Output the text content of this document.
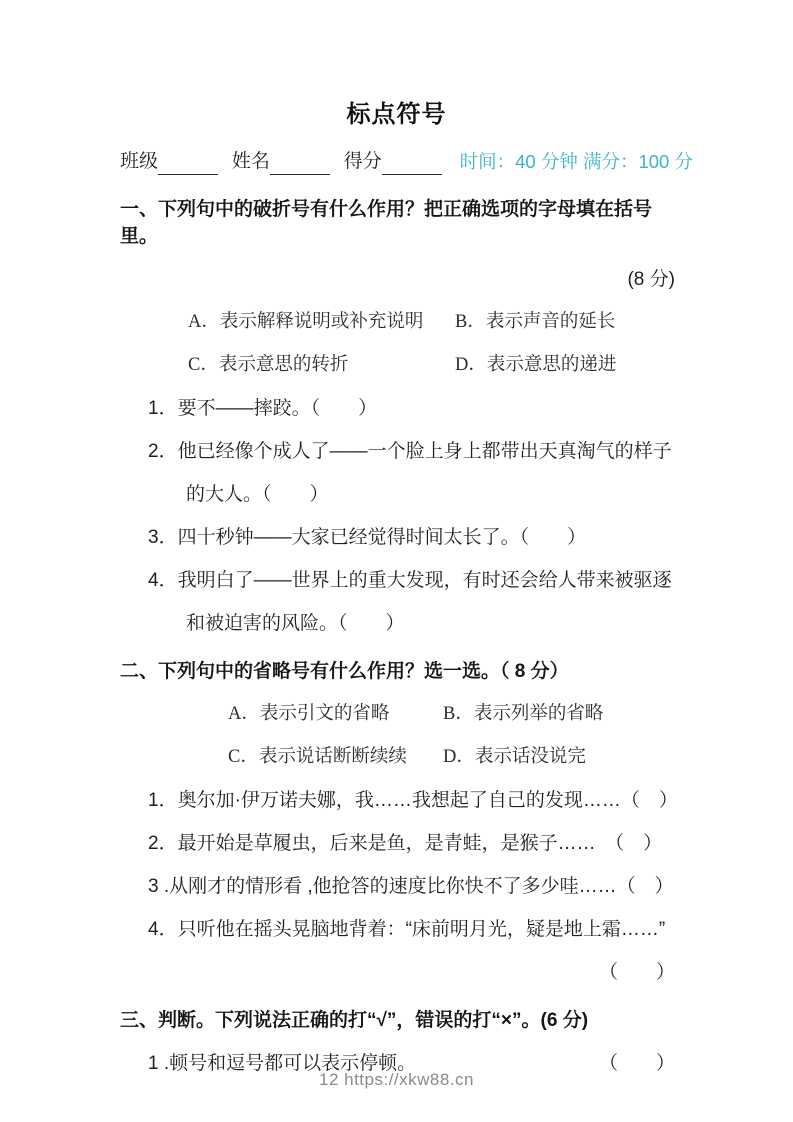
标点符号
班级	姓名	得分	时间：40 分钟 满分：100 分
一、下列句中的破折号有什么作用？把正确选项的字母填在括号里。
(8 分)
A．表示解释说明或补充说明	B．表示声音的延长
C．表示意思的转折	D．表示意思的递进
1．要不——摔跤。（　　）
2．他已经像个成人了——一个脸上身上都带出天真淘气的样子
的大人。（　　）
3．四十秒钟——大家已经觉得时间太长了。（　　）
4．我明白了——世界上的重大发现，有时还会给人带来被驱逐
和被迫害的风险。（　　）
二、下列句中的省略号有什么作用？选一选。（ 8 分）
A．表示引文的省略	B．表示列举的省略
C．表示说话断断续续	D．表示话没说完
1．奥尔加·伊万诺夫娜，我……我想起了自己的发现……（　）
2．最开始是草履虫，后来是鱼，是青蛙，是猴子……　（　）
3 .从刚才的情形看 ,他抢答的速度比你快不了多少哇……（　）
4．只听他在摇头晃脑地背着：“床前明月光，疑是地上霜……”
（　　）
三、判断。下列说法正确的打“√”，错误的打“×”。(6 分)
1 .顿号和逗号都可以表示停顿。	（　　）
12 https://xkw88.cn
